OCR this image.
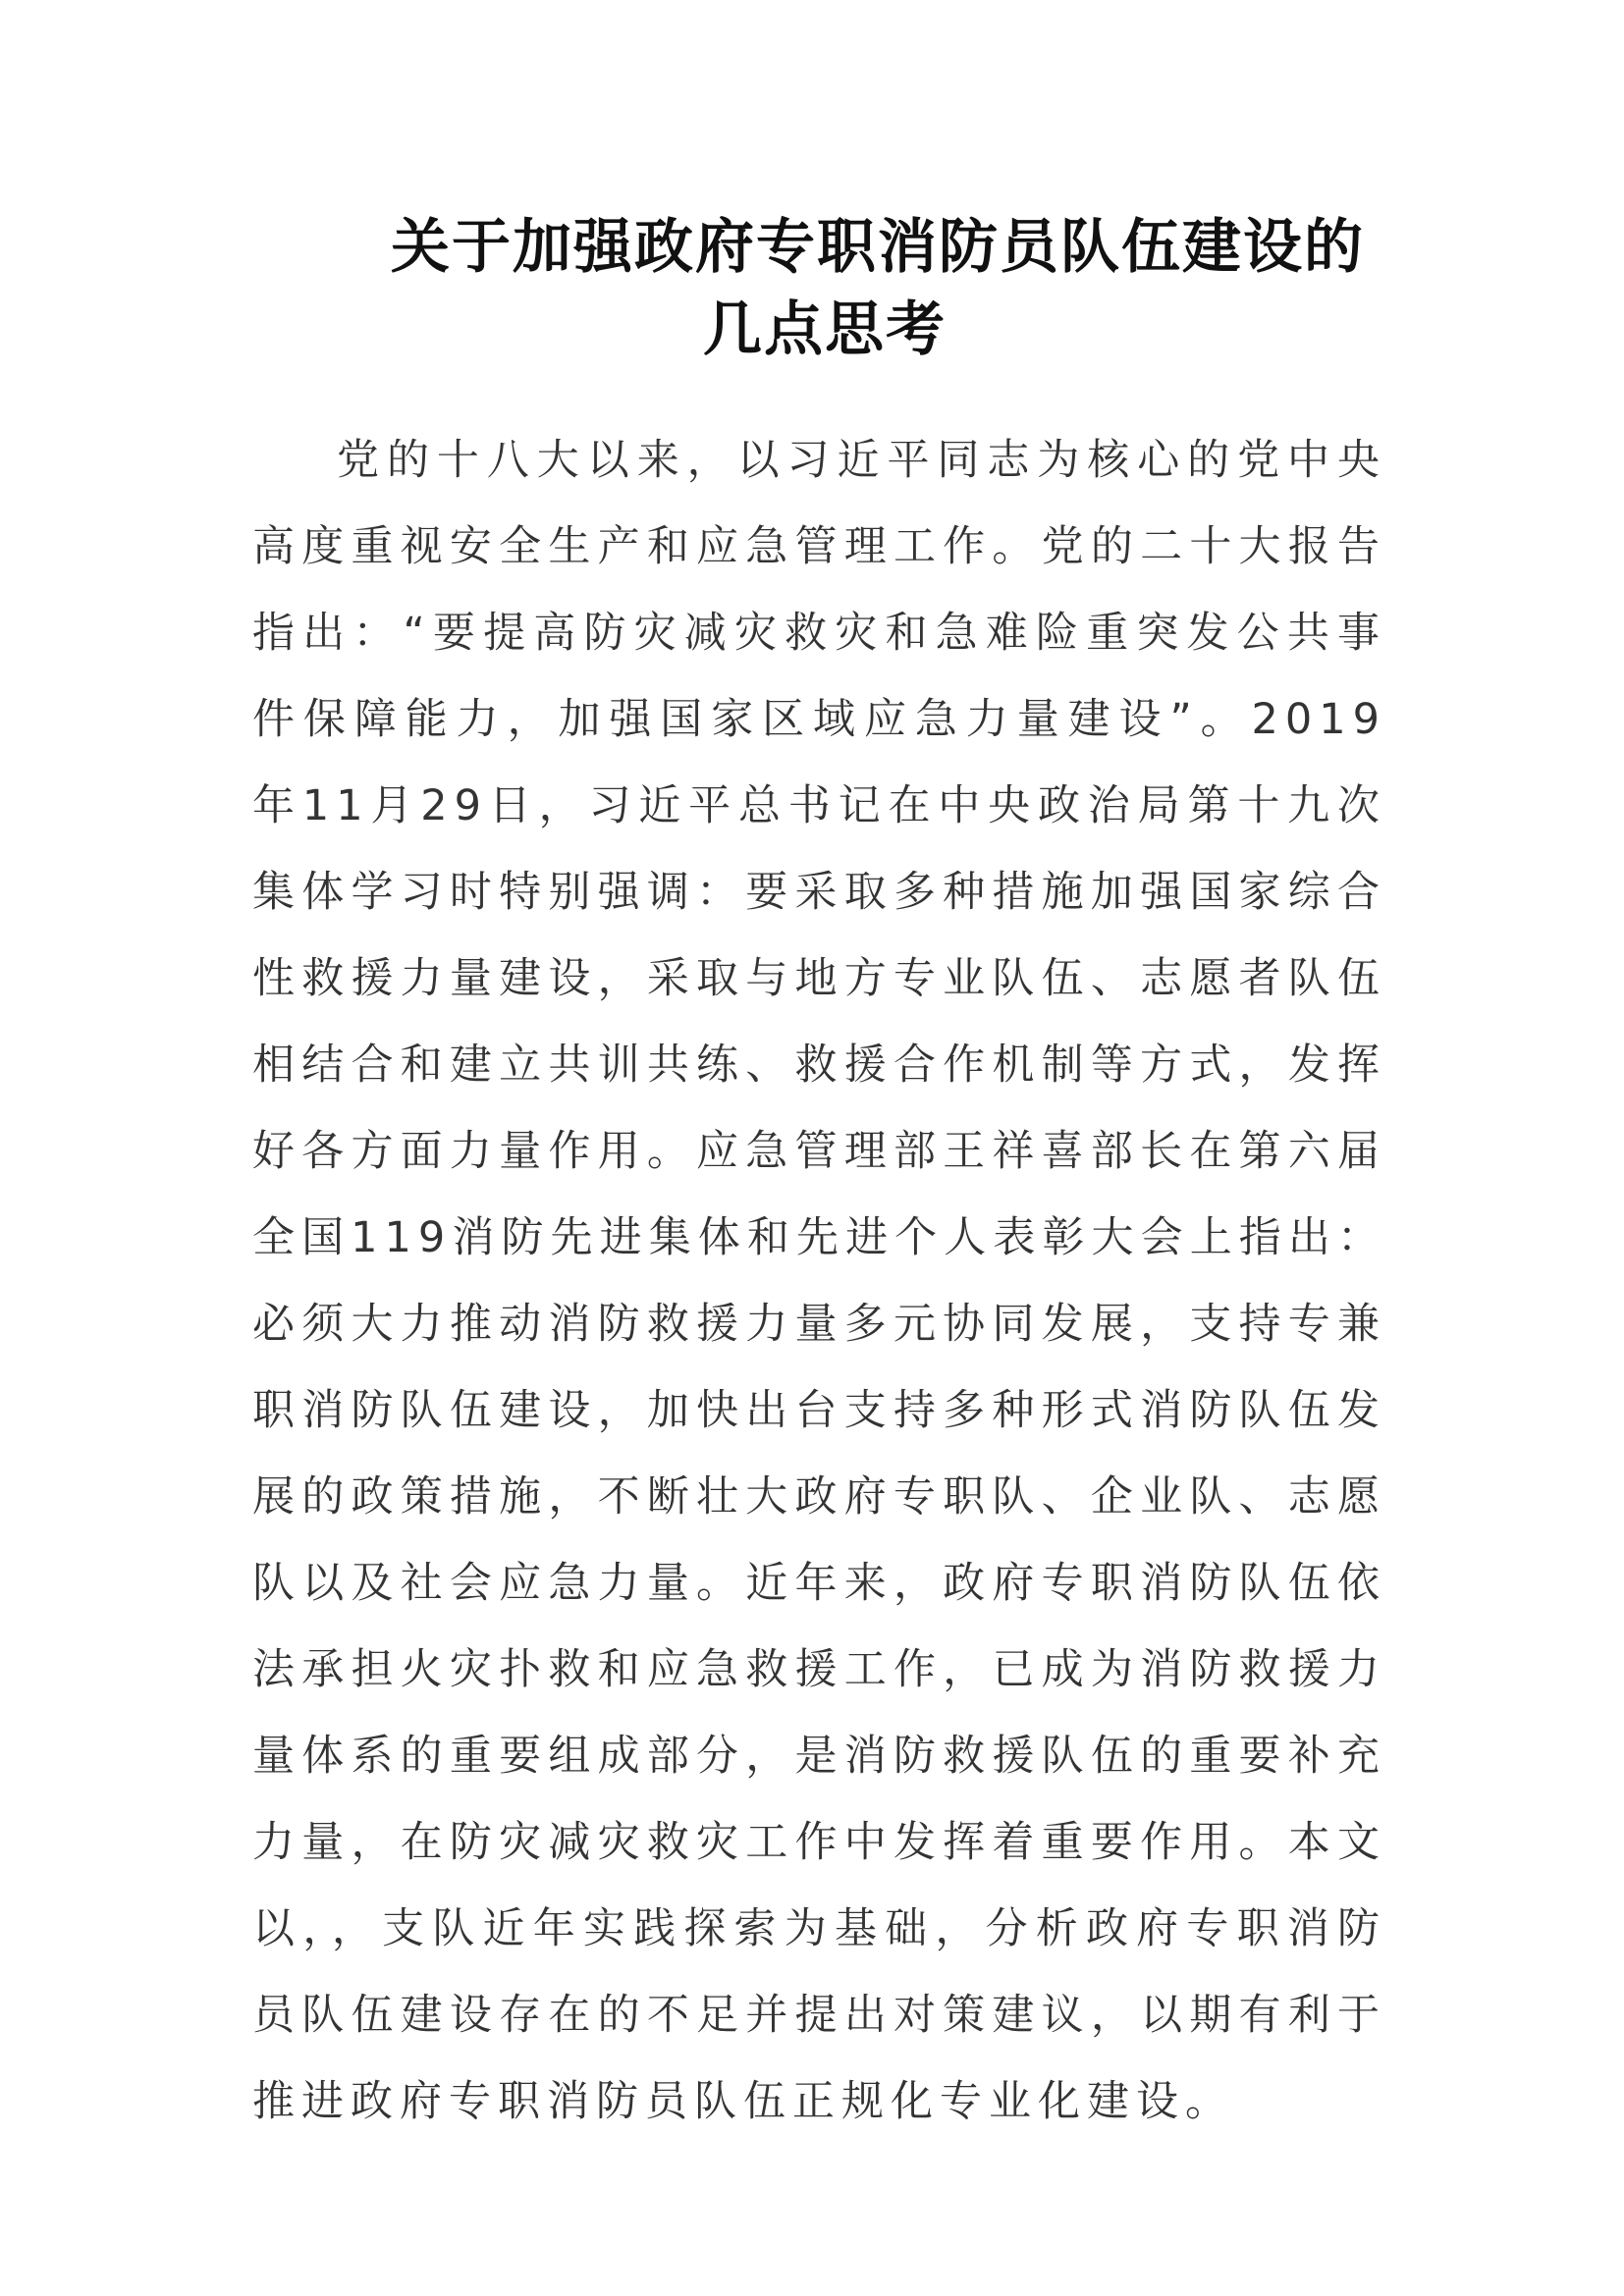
关于加强政府专职消防员队伍建设的
几点思考

党的十八大以来，以习近平同志为核心的党中央高度重视安全生产和应急管理工作。党的二十大报告指出：“要提高防灾减灾救灾和急难险重突发公共事件保障能力，加强国家区域应急力量建设”。2019年11月29日，习近平总书记在中央政治局第十九次集体学习时特别强调：要采取多种措施加强国家综合性救援力量建设，采取与地方专业队伍、志愿者队伍相结合和建立共训共练、救援合作机制等方式，发挥好各方面力量作用。应急管理部王祥喜部长在第六届全国119消防先进集体和先进个人表彰大会上指出：必须大力推动消防救援力量多元协同发展，支持专兼职消防队伍建设，加快出台支持多种形式消防队伍发展的政策措施，不断壮大政府专职队、企业队、志愿队以及社会应急力量。近年来，政府专职消防队伍依法承担火灾扑救和应急救援工作，已成为消防救援力量体系的重要组成部分，是消防救援队伍的重要补充力量，在防灾减灾救灾工作中发挥着重要作用。本文以，，支队近年实践探索为基础，分析政府专职消防员队伍建设存在的不足并提出对策建议，以期有利于推进政府专职消防员队伍正规化专业化建设。
